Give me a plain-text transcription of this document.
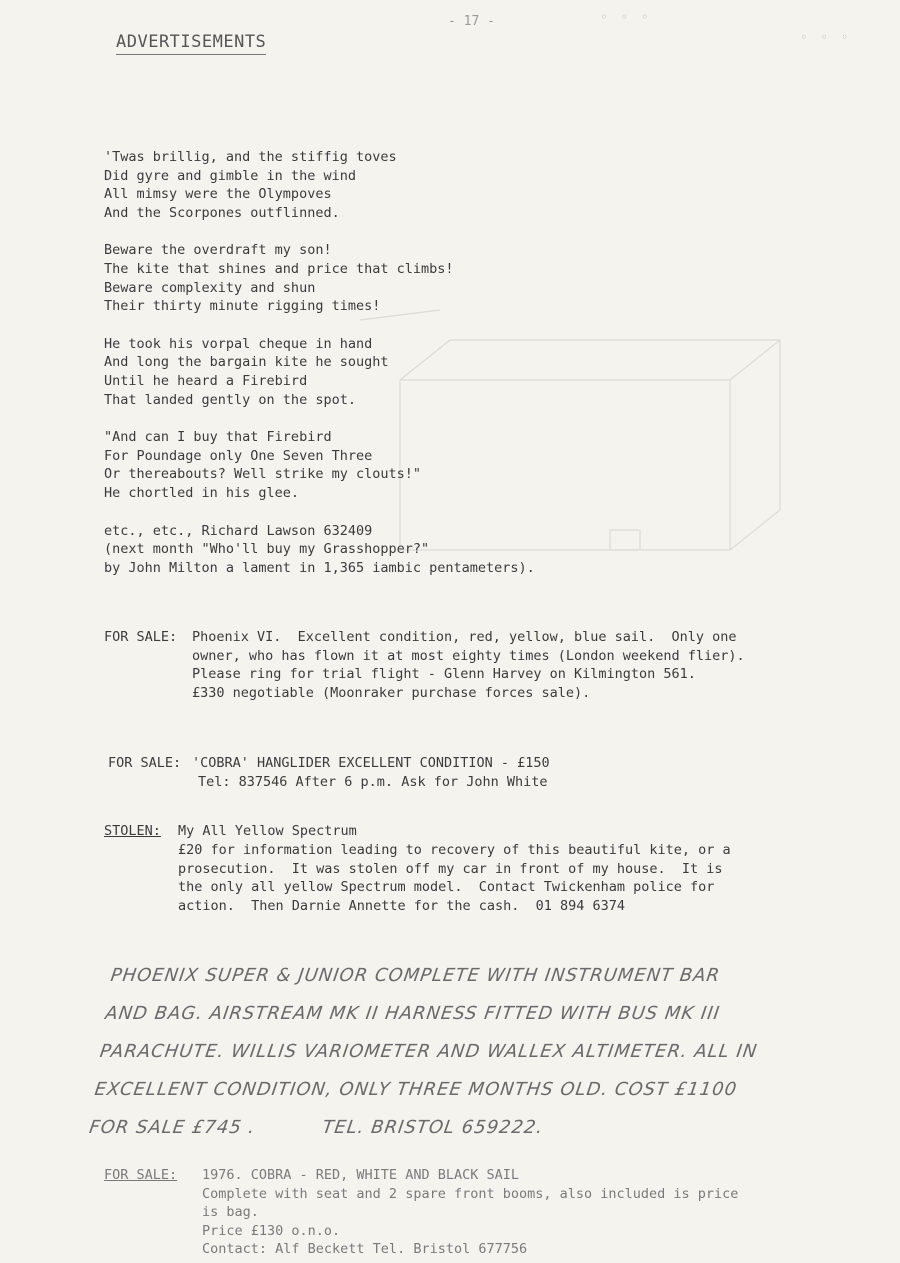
◦ ◦ ◦
◦ ◦ ◦
- 17 -
ADVERTISEMENTS
'Twas brillig, and the stiffig toves
Did gyre and gimble in the wind
All mimsy were the Olympoves
And the Scorpones outflinned.
Beware the overdraft my son!
The kite that shines and price that climbs!
Beware complexity and shun
Their thirty minute rigging times!
He took his vorpal cheque in hand
And long the bargain kite he sought
Until he heard a Firebird
That landed gently on the spot.
"And can I buy that Firebird
For Poundage only One Seven Three
Or thereabouts? Well strike my clouts!"
He chortled in his glee.
etc., etc., Richard Lawson 632409
(next month "Who'll buy my Grasshopper?"
by John Milton a lament in 1,365 iambic pentameters).
FOR SALE: Phoenix VI.  Excellent condition, red, yellow, blue sail.  Only one
owner, who has flown it at most eighty times (London weekend flier).
Please ring for trial flight - Glenn Harvey on Kilmington 561.
£330 negotiable (Moonraker purchase forces sale).
FOR SALE: 'COBRA' HANGLIDER EXCELLENT CONDITION - £150
Tel: 837546 After 6 p.m. Ask for John White
STOLEN: My All Yellow Spectrum
£20 for information leading to recovery of this beautiful kite, or a
prosecution.  It was stolen off my car in front of my house.  It is
the only all yellow Spectrum model.  Contact Twickenham police for
action.  Then Darnie Annette for the cash.  01 894 6374
PHOENIX SUPER & JUNIOR COMPLETE WITH INSTRUMENT BAR
AND BAG. AIRSTREAM MK II HARNESS FITTED WITH BUS MK III
PARACHUTE. WILLIS VARIOMETER AND WALLEX ALTIMETER. ALL IN
EXCELLENT CONDITION, ONLY THREE MONTHS OLD. COST £1100
FOR SALE £745 .          TEL. BRISTOL 659222.
FOR SALE: 1976. COBRA - RED, WHITE AND BLACK SAIL
Complete with seat and 2 spare front booms, also included is price
is bag.
Price £130 o.n.o.
Contact: Alf Beckett Tel. Bristol 677756
